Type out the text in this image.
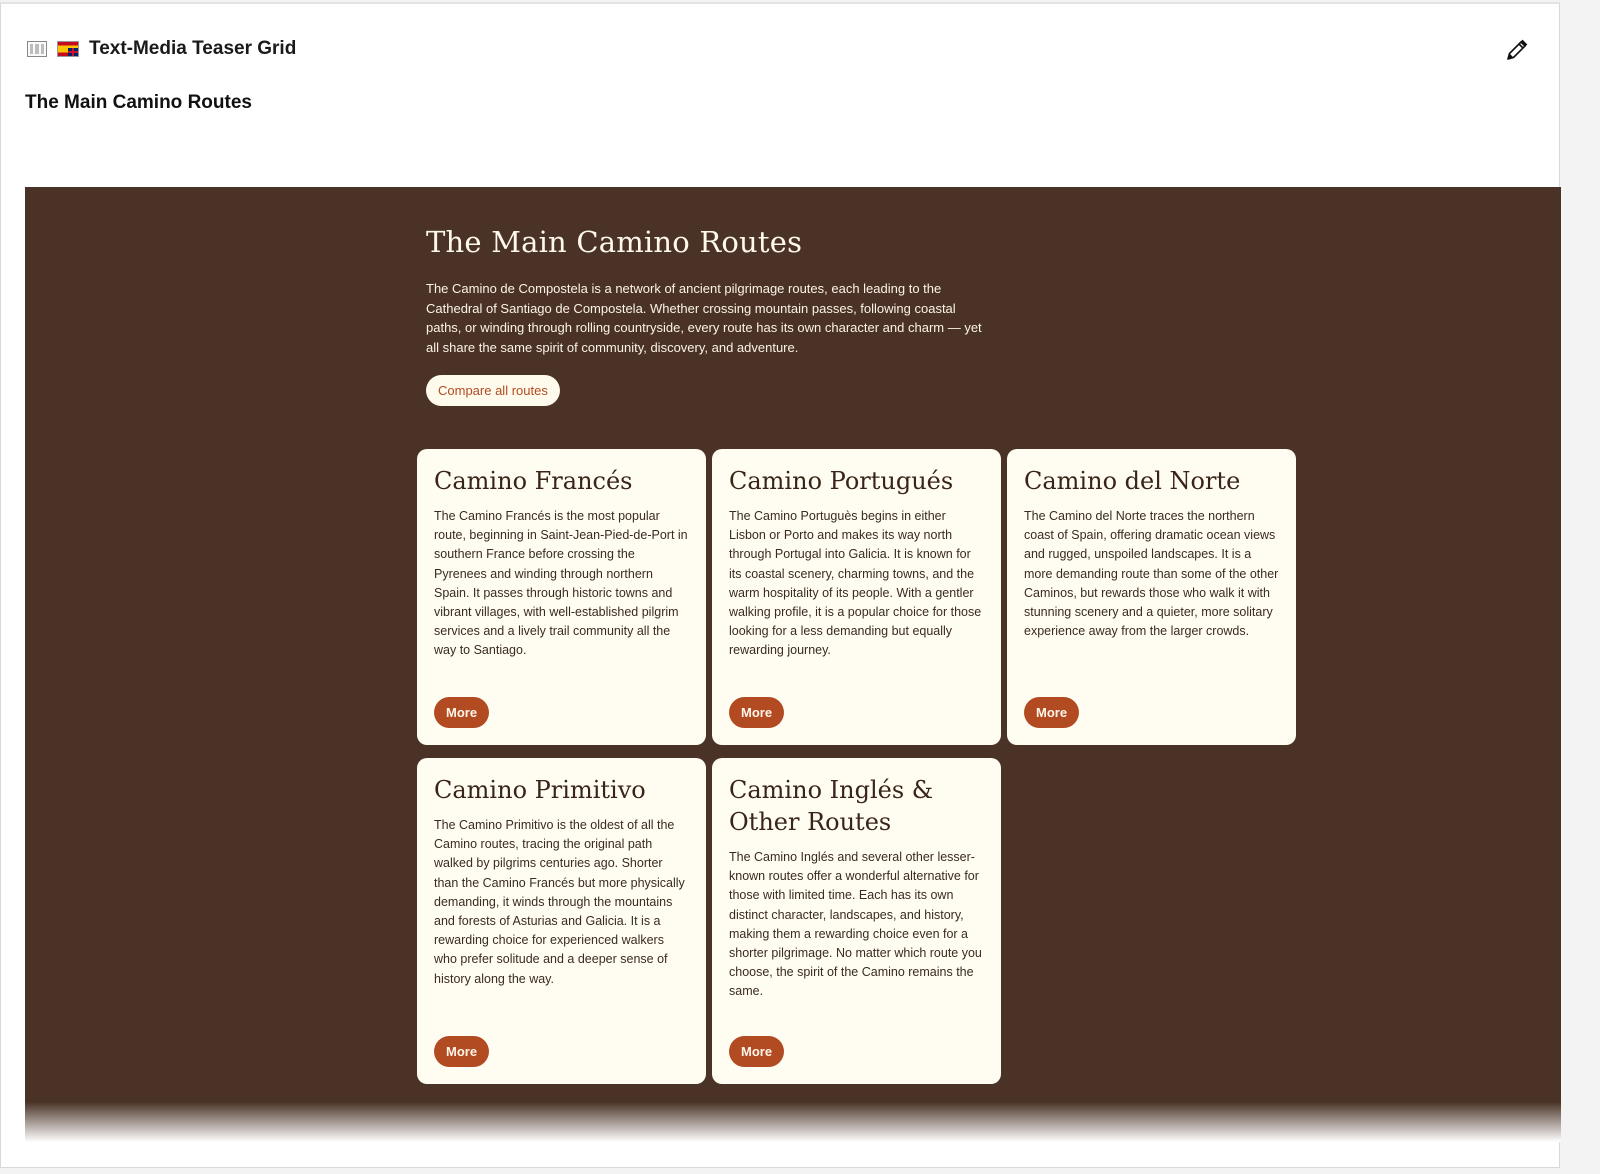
Text-Media Teaser Grid
The Main Camino Routes
The Main Camino Routes

The Camino de Compostela is a network of ancient pilgrimage routes, each leading to the Cathedral of Santiago de Compostela. Whether crossing mountain passes, following coastal paths, or winding through rolling countryside, every route has its own character and charm — yet all share the same spirit of community, discovery, and adventure.

Compare all routes
Camino Francés

The Camino Francés is the most popular route, beginning in Saint-Jean-Pied-de-Port in southern France before crossing the Pyrenees and winding through northern Spain. It passes through historic towns and vibrant villages, with well-established pilgrim services and a lively trail community all the way to Santiago.

More
Camino Portugués

The Camino Portuguès begins in either Lisbon or Porto and makes its way north through Portugal into Galicia. It is known for its coastal scenery, charming towns, and the warm hospitality of its people. With a gentler walking profile, it is a popular choice for those looking for a less demanding but equally rewarding journey.

More
Camino del Norte

The Camino del Norte traces the northern coast of Spain, offering dramatic ocean views and rugged, unspoiled landscapes. It is a more demanding route than some of the other Caminos, but rewards those who walk it with stunning scenery and a quieter, more solitary experience away from the larger crowds.

More
Camino Primitivo

The Camino Primitivo is the oldest of all the Camino routes, tracing the original path walked by pilgrims centuries ago. Shorter than the Camino Francés but more physically demanding, it winds through the mountains and forests of Asturias and Galicia. It is a rewarding choice for experienced walkers who prefer solitude and a deeper sense of history along the way.

More
Camino Inglés & Other Routes

The Camino Inglés and several other lesser-known routes offer a wonderful alternative for those with limited time. Each has its own distinct character, landscapes, and history, making them a rewarding choice even for a shorter pilgrimage. No matter which route you choose, the spirit of the Camino remains the same.

More
